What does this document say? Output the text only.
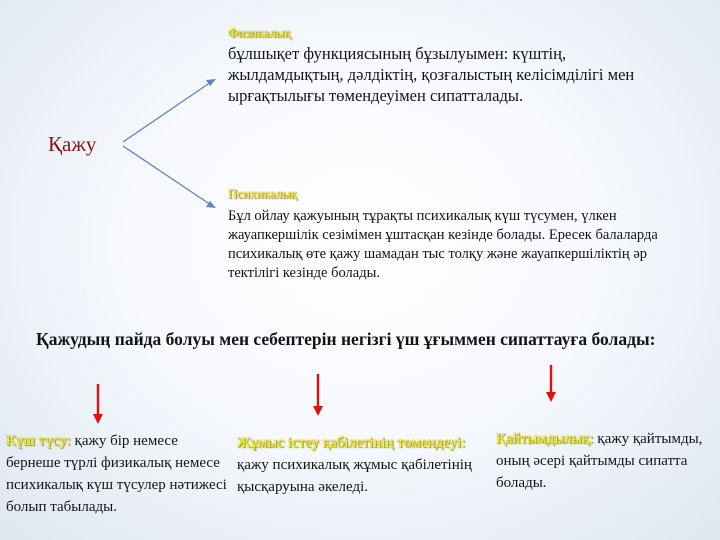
Қажу
Физикалық
бұлшықет функциясының бұзылуымен: күштің, жылдамдықтың, дәлдіктің, қозғалыстың келісімділігі мен ырғақтылығы төмендеуімен сипатталады.
Психикалық
Бұл ойлау қажуының тұрақты психикалық күш түсумен, үлкен жауапкершілік сезімімен ұштасқан кезінде болады. Ересек балаларда психикалық өте қажу шамадан тыс толқу және жауапкершіліктің әр тектілігі кезінде болады.
Қажудың пайда болуы мен себептерін негізгі үш ұғыммен сипаттауға болады:
Күш түсу: қажу бір немесе бернеше түрлі физикалық немесе психикалық күш түсулер нәтижесі болып табылады.
Жұмыс істеу қабілетінің төмендеуі: қажу психикалық жұмыс қабілетінің қысқаруына әкеледі.
Қайтымдылық: қажу қайтымды, оның әсері қайтымды сипатта болады.
